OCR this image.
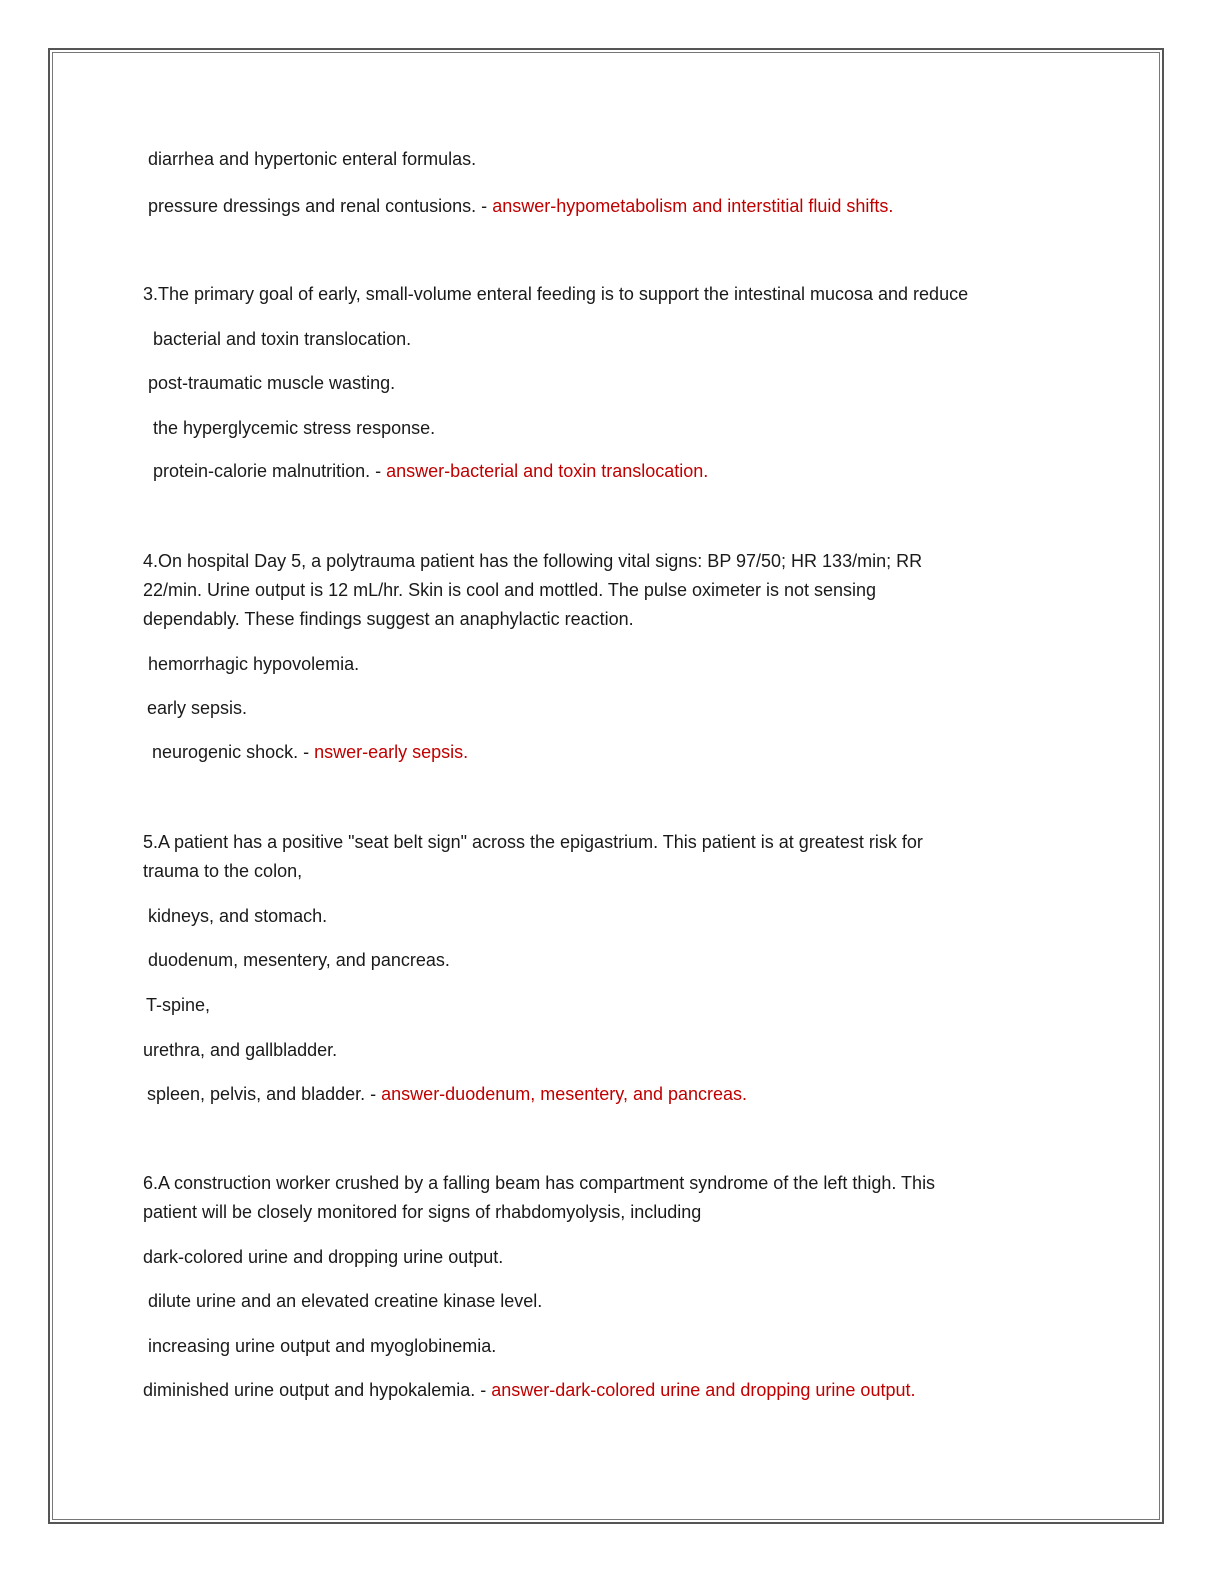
diarrhea and hypertonic enteral formulas.
pressure dressings and renal contusions. - answer-hypometabolism and interstitial fluid shifts.
3.The primary goal of early, small-volume enteral feeding is to support the intestinal mucosa and reduce
bacterial and toxin translocation.
post-traumatic muscle wasting.
the hyperglycemic stress response.
protein-calorie malnutrition. - answer-bacterial and toxin translocation.
4.On hospital Day 5, a polytrauma patient has the following vital signs: BP 97/50; HR 133/min; RR
22/min. Urine output is 12 mL/hr. Skin is cool and mottled. The pulse oximeter is not sensing
dependably. These findings suggest an anaphylactic reaction.
hemorrhagic hypovolemia.
early sepsis.
neurogenic shock. - nswer-early sepsis.
5.A patient has a positive "seat belt sign" across the epigastrium. This patient is at greatest risk for
trauma to the colon,
kidneys, and stomach.
duodenum, mesentery, and pancreas.
T-spine,
urethra, and gallbladder.
spleen, pelvis, and bladder. - answer-duodenum, mesentery, and pancreas.
6.A construction worker crushed by a falling beam has compartment syndrome of the left thigh. This
patient will be closely monitored for signs of rhabdomyolysis, including
dark-colored urine and dropping urine output.
dilute urine and an elevated creatine kinase level.
increasing urine output and myoglobinemia.
diminished urine output and hypokalemia. - answer-dark-colored urine and dropping urine output.
